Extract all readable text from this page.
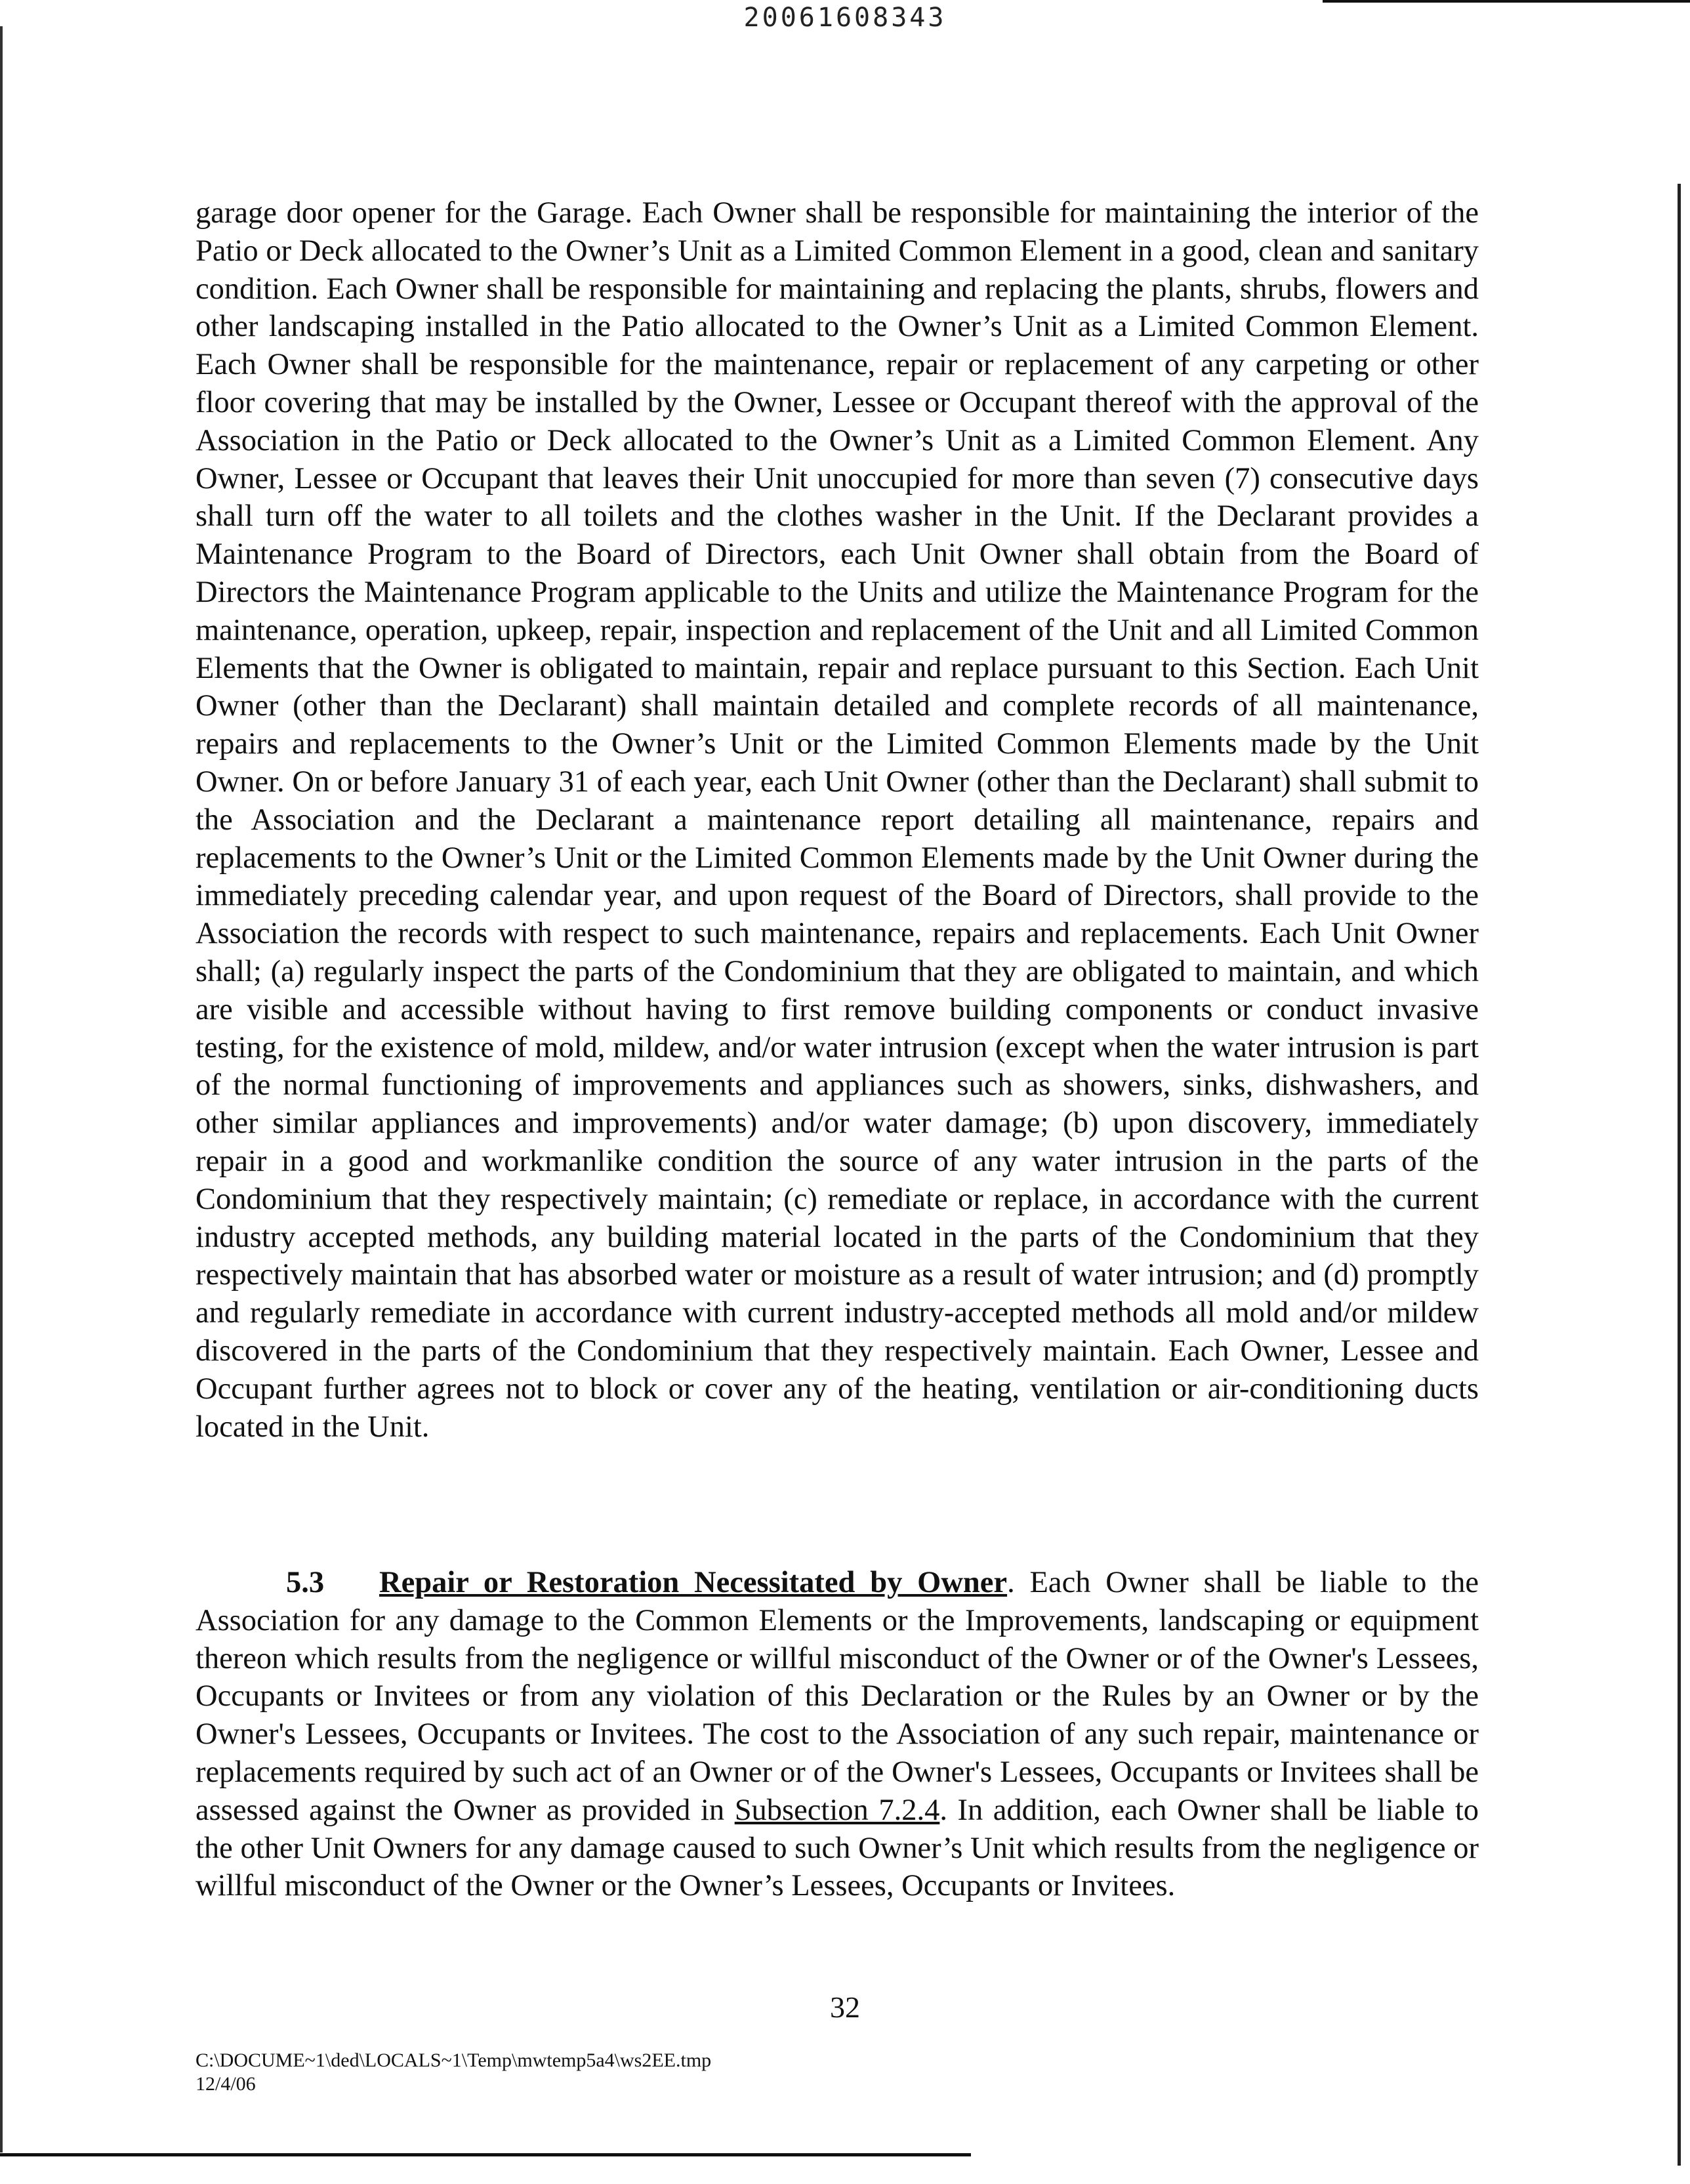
20061608343

garage door opener for the Garage. Each Owner shall be responsible for maintaining the interior of the Patio or Deck allocated to the Owner’s Unit as a Limited Common Element in a good, clean and sanitary condition. Each Owner shall be responsible for maintaining and replacing the plants, shrubs, flowers and other landscaping installed in the Patio allocated to the Owner’s Unit as a Limited Common Element. Each Owner shall be responsible for the maintenance, repair or replacement of any carpeting or other floor covering that may be installed by the Owner, Lessee or Occupant thereof with the approval of the Association in the Patio or Deck allocated to the Owner’s Unit as a Limited Common Element. Any Owner, Lessee or Occupant that leaves their Unit unoccupied for more than seven (7) consecutive days shall turn off the water to all toilets and the clothes washer in the Unit. If the Declarant provides a Maintenance Program to the Board of Directors, each Unit Owner shall obtain from the Board of Directors the Maintenance Program applicable to the Units and utilize the Maintenance Program for the maintenance, operation, upkeep, repair, inspection and replacement of the Unit and all Limited Common Elements that the Owner is obligated to maintain, repair and replace pursuant to this Section. Each Unit Owner (other than the Declarant) shall maintain detailed and complete records of all maintenance, repairs and replacements to the Owner’s Unit or the Limited Common Elements made by the Unit Owner. On or before January 31 of each year, each Unit Owner (other than the Declarant) shall submit to the Association and the Declarant a maintenance report detailing all maintenance, repairs and replacements to the Owner’s Unit or the Limited Common Elements made by the Unit Owner during the immediately preceding calendar year, and upon request of the Board of Directors, shall provide to the Association the records with respect to such maintenance, repairs and replacements. Each Unit Owner shall; (a) regularly inspect the parts of the Condominium that they are obligated to maintain, and which are visible and accessible without having to first remove building components or conduct invasive testing, for the existence of mold, mildew, and/or water intrusion (except when the water intrusion is part of the normal functioning of improvements and appliances such as showers, sinks, dishwashers, and other similar appliances and improvements) and/or water damage; (b) upon discovery, immediately repair in a good and workmanlike condition the source of any water intrusion in the parts of the Condominium that they respectively maintain; (c) remediate or replace, in accordance with the current industry accepted methods, any building material located in the parts of the Condominium that they respectively maintain that has absorbed water or moisture as a result of water intrusion; and (d) promptly and regularly remediate in accordance with current industry-accepted methods all mold and/or mildew discovered in the parts of the Condominium that they respectively maintain. Each Owner, Lessee and Occupant further agrees not to block or cover any of the heating, ventilation or air-conditioning ducts located in the Unit.

5.3 Repair or Restoration Necessitated by Owner. Each Owner shall be liable to the Association for any damage to the Common Elements or the Improvements, landscaping or equipment thereon which results from the negligence or willful misconduct of the Owner or of the Owner's Lessees, Occupants or Invitees or from any violation of this Declaration or the Rules by an Owner or by the Owner's Lessees, Occupants or Invitees. The cost to the Association of any such repair, maintenance or replacements required by such act of an Owner or of the Owner's Lessees, Occupants or Invitees shall be assessed against the Owner as provided in Subsection 7.2.4. In addition, each Owner shall be liable to the other Unit Owners for any damage caused to such Owner’s Unit which results from the negligence or willful misconduct of the Owner or the Owner’s Lessees, Occupants or Invitees.

32
C:\DOCUME~1\ded\LOCALS~1\Temp\mwtemp5a4\ws2EE.tmp
12/4/06
